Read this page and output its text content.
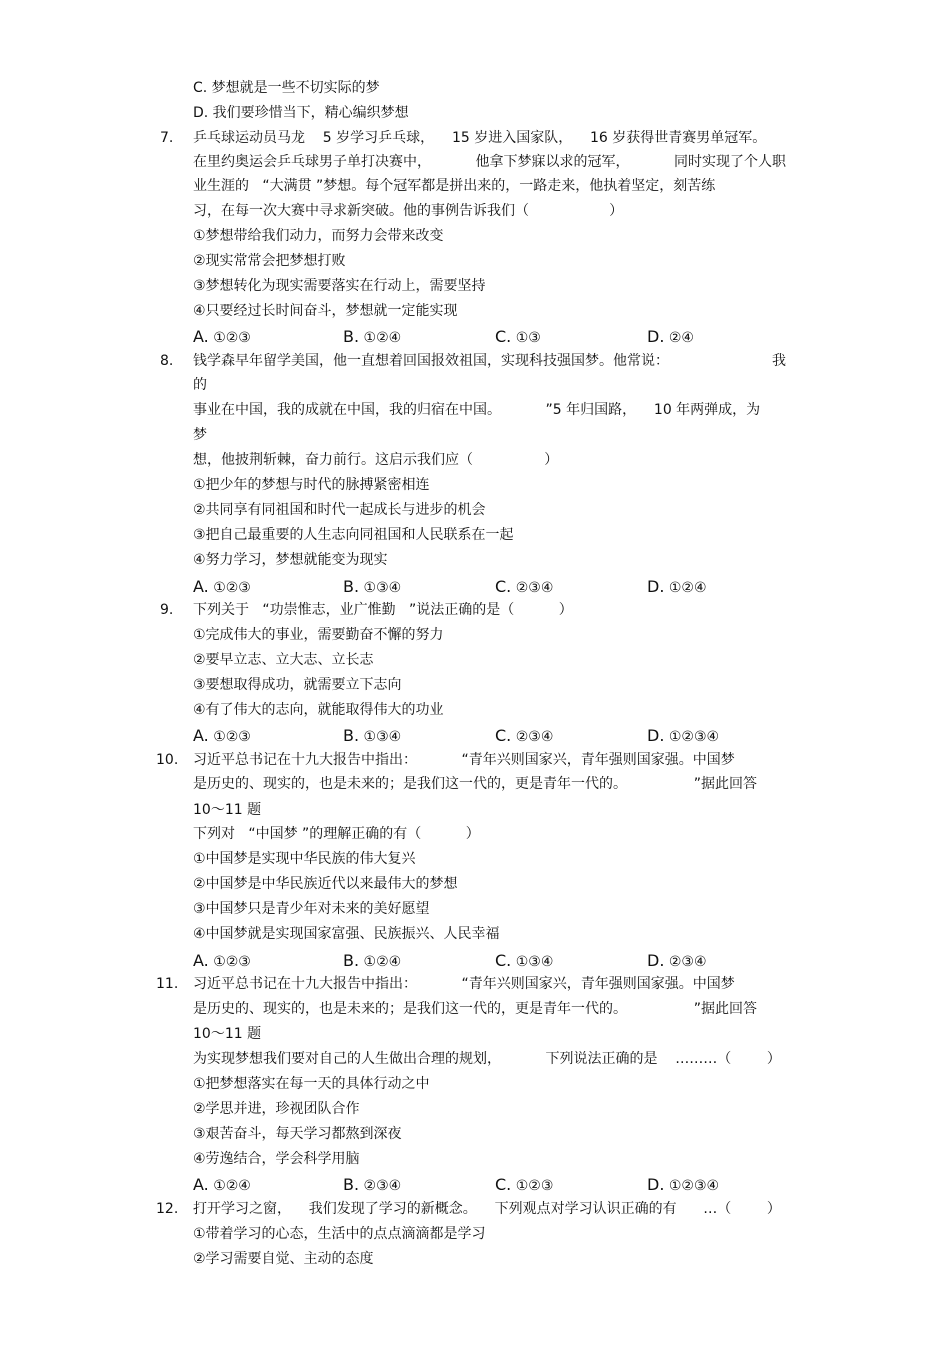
C. 梦想就是一些不切实际的梦
D. 我们要珍惜当下，精心编织梦想
7. 乒乓球运动员马龙    5 岁学习乒乓球，    15 岁进入国家队，    16 岁获得世青赛男单冠军。
在里约奥运会乒乓球男子单打决赛中，          他拿下梦寐以求的冠军，          同时实现了个人职
业生涯的   “大满贯 ”梦想。每个冠军都是拼出来的，一路走来，他执着坚定，刻苦练
习，在每一次大赛中寻求新突破。他的事例告诉我们（                  ）
①梦想带给我们动力，而努力会带来改变
②现实常常会把梦想打败
③梦想转化为现实需要落实在行动上，需要坚持
④只要经过长时间奋斗，梦想就一定能实现
A. ①②③	B. ①②④	C. ①③	D. ②④
8. 钱学森早年留学美国，他一直想着回国报效祖国，实现科技强国梦。他常说：	我
的
事业在中国，我的成就在中国，我的归宿在中国。          ”5 年归国路，    10 年两弹成，为
梦
想，他披荆斩棘，奋力前行。这启示我们应（                ）
①把少年的梦想与时代的脉搏紧密相连
②共同享有同祖国和时代一起成长与进步的机会
③把自己最重要的人生志向同祖国和人民联系在一起
④努力学习，梦想就能变为现实
A. ①②③	B. ①③④	C. ②③④	D. ①②④
9. 下列关于   “功崇惟志，业广惟勤   ”说法正确的是（          ）
①完成伟大的事业，需要勤奋不懈的努力
②要早立志、立大志、立长志
③要想取得成功，就需要立下志向
④有了伟大的志向，就能取得伟大的功业
A. ①②③	B. ①③④	C. ②③④	D. ①②③④
10. 习近平总书记在十九大报告中指出：          “青年兴则国家兴，青年强则国家强。中国梦
是历史的、现实的，也是未来的；是我们这一代的，更是青年一代的。               ”据此回答
10～11 题
下列对   “中国梦 ”的理解正确的有（          ）
①中国梦是实现中华民族的伟大复兴
②中国梦是中华民族近代以来最伟大的梦想
③中国梦只是青少年对未来的美好愿望
④中国梦就是实现国家富强、民族振兴、人民幸福
A. ①②③	B. ①②④	C. ①③④	D. ②③④
11. 习近平总书记在十九大报告中指出：          “青年兴则国家兴，青年强则国家强。中国梦
是历史的、现实的，也是未来的；是我们这一代的，更是青年一代的。               ”据此回答
10～11 题
为实现梦想我们要对自己的人生做出合理的规划，          下列说法正确的是    ………（        ）
①把梦想落实在每一天的具体行动之中
②学思并进，珍视团队合作
③艰苦奋斗，每天学习都熬到深夜
④劳逸结合，学会科学用脑
A. ①②④	B. ②③④	C. ①②③	D. ①②③④
12. 打开学习之窗，    我们发现了学习的新概念。    下列观点对学习认识正确的有      …（        ）
①带着学习的心态，生活中的点点滴滴都是学习
②学习需要自觉、主动的态度
